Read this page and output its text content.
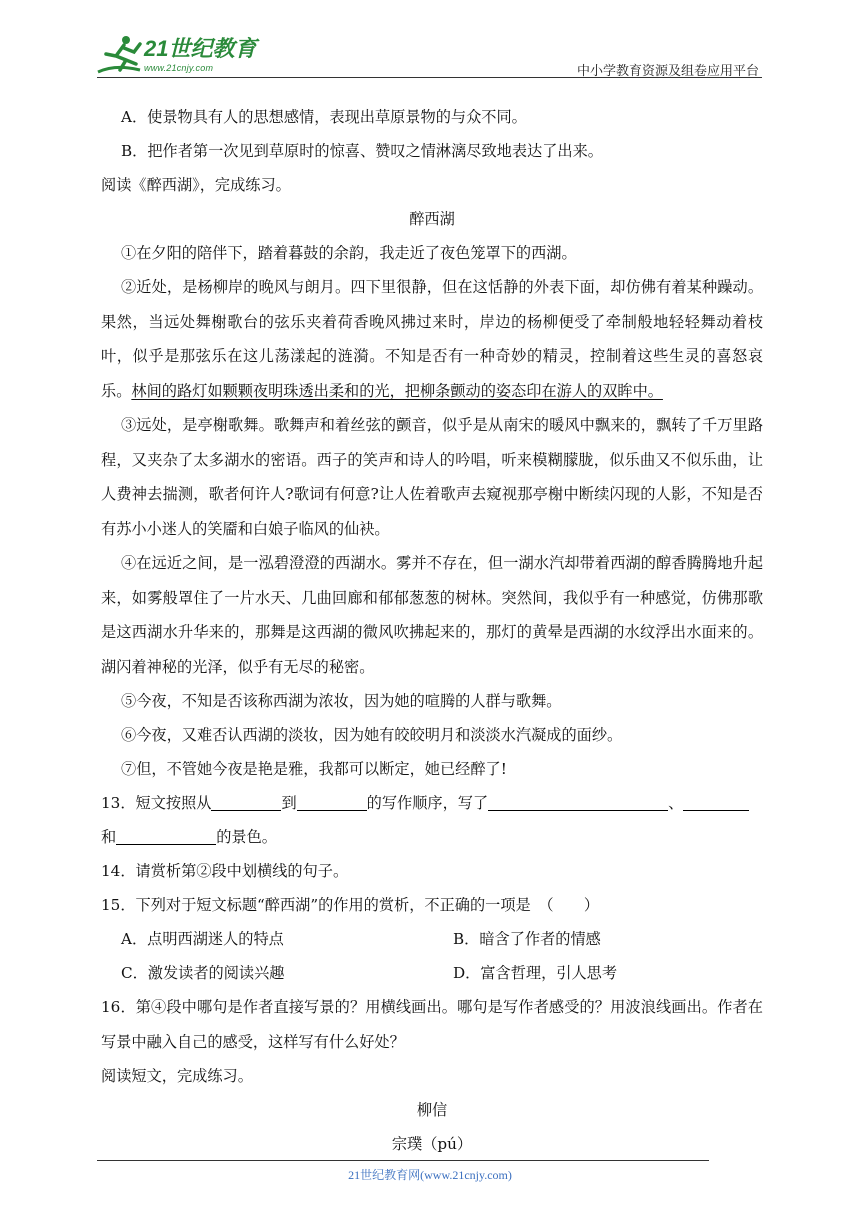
21世纪教育
www.21cnjy.com	中小学教育资源及组卷应用平台
A．使景物具有人的思想感情，表现出草原景物的与众不同。
B．把作者第一次见到草原时的惊喜、赞叹之情淋漓尽致地表达了出来。
阅读《醉西湖》，完成练习。
醉西湖
①在夕阳的陪伴下，踏着暮鼓的余韵，我走近了夜色笼罩下的西湖。
②近处，是杨柳岸的晚风与朗月。四下里很静，但在这恬静的外表下面，却仿佛有着某种躁动。果然，当远处舞榭歌台的弦乐夹着荷香晚风拂过来时，岸边的杨柳便受了牵制般地轻轻舞动着枝叶，似乎是那弦乐在这儿荡漾起的涟漪。不知是否有一种奇妙的精灵，控制着这些生灵的喜怒哀乐。林间的路灯如颗颗夜明珠透出柔和的光，把柳条颤动的姿态印在游人的双眸中。
③远处，是亭榭歌舞。歌舞声和着丝弦的颤音，似乎是从南宋的暖风中飘来的，飘转了千万里路程，又夹杂了太多湖水的密语。西子的笑声和诗人的吟唱，听来模糊朦胧，似乐曲又不似乐曲，让人费神去揣测，歌者何许人?歌词有何意?让人佐着歌声去窥视那亭榭中断续闪现的人影，不知是否有苏小小迷人的笑靥和白娘子临风的仙袂。
④在远近之间，是一泓碧澄澄的西湖水。雾并不存在，但一湖水汽却带着西湖的醇香腾腾地升起来，如雾般罩住了一片水天、几曲回廊和郁郁葱葱的树林。突然间，我似乎有一种感觉，仿佛那歌是这西湖水升华来的，那舞是这西湖的微风吹拂起来的，那灯的黄晕是西湖的水纹浮出水面来的。湖闪着神秘的光泽，似乎有无尽的秘密。
⑤今夜，不知是否该称西湖为浓妆，因为她的喧腾的人群与歌舞。
⑥今夜，又难否认西湖的淡妆，因为她有皎皎明月和淡淡水汽凝成的面纱。
⑦但，不管她今夜是艳是雅，我都可以断定，她已经醉了!
13．短文按照从	到	的写作顺序，写了	、
和	的景色。
14．请赏析第②段中划横线的句子。
15．下列对于短文标题“醉西湖”的作用的赏析，不正确的一项是　（　　）
A．点明西湖迷人的特点	B．暗含了作者的情感
C．激发读者的阅读兴趣	D．富含哲理，引人思考
16．第④段中哪句是作者直接写景的？用横线画出。哪句是写作者感受的？用波浪线画出。作者在写景中融入自己的感受，这样写有什么好处？
阅读短文，完成练习。
柳信
宗璞（pú）
21世纪教育网(www.21cnjy.com)
